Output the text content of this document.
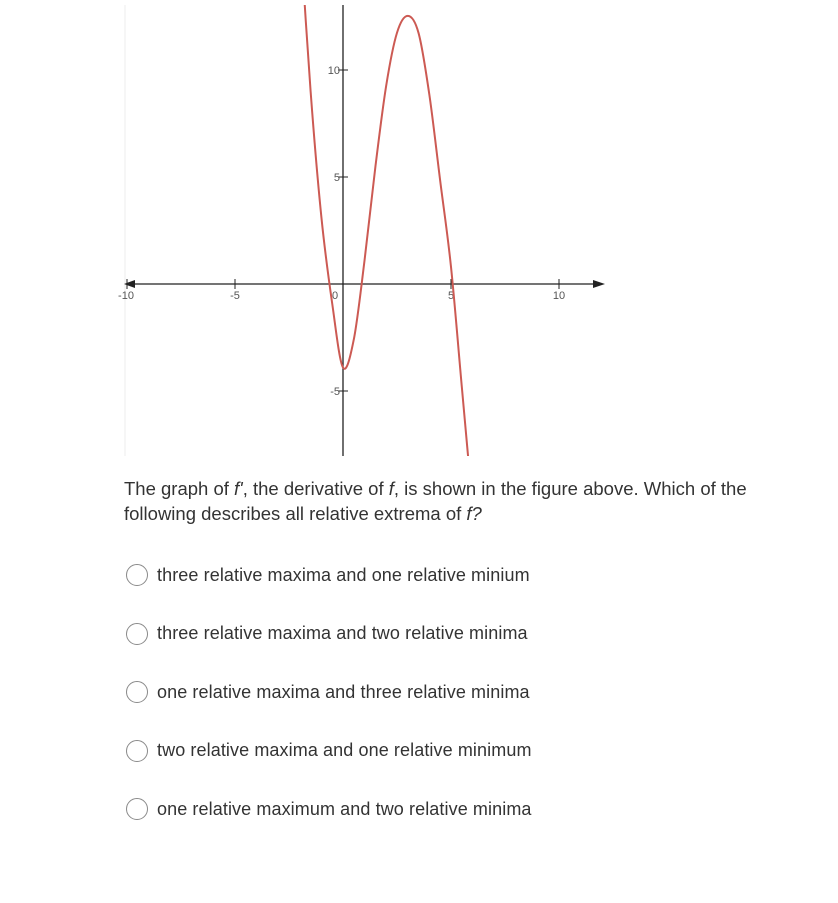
-10	-5	5	10
10
5
-5
0
The graph of f', the derivative of f, is shown in the figure above. Which of the following describes all relative extrema of f?
three relative maxima and one relative minium
three relative maxima and two relative minima
one relative maxima and three relative minima
two relative maxima and one relative minimum
one relative maximum and two relative minima
